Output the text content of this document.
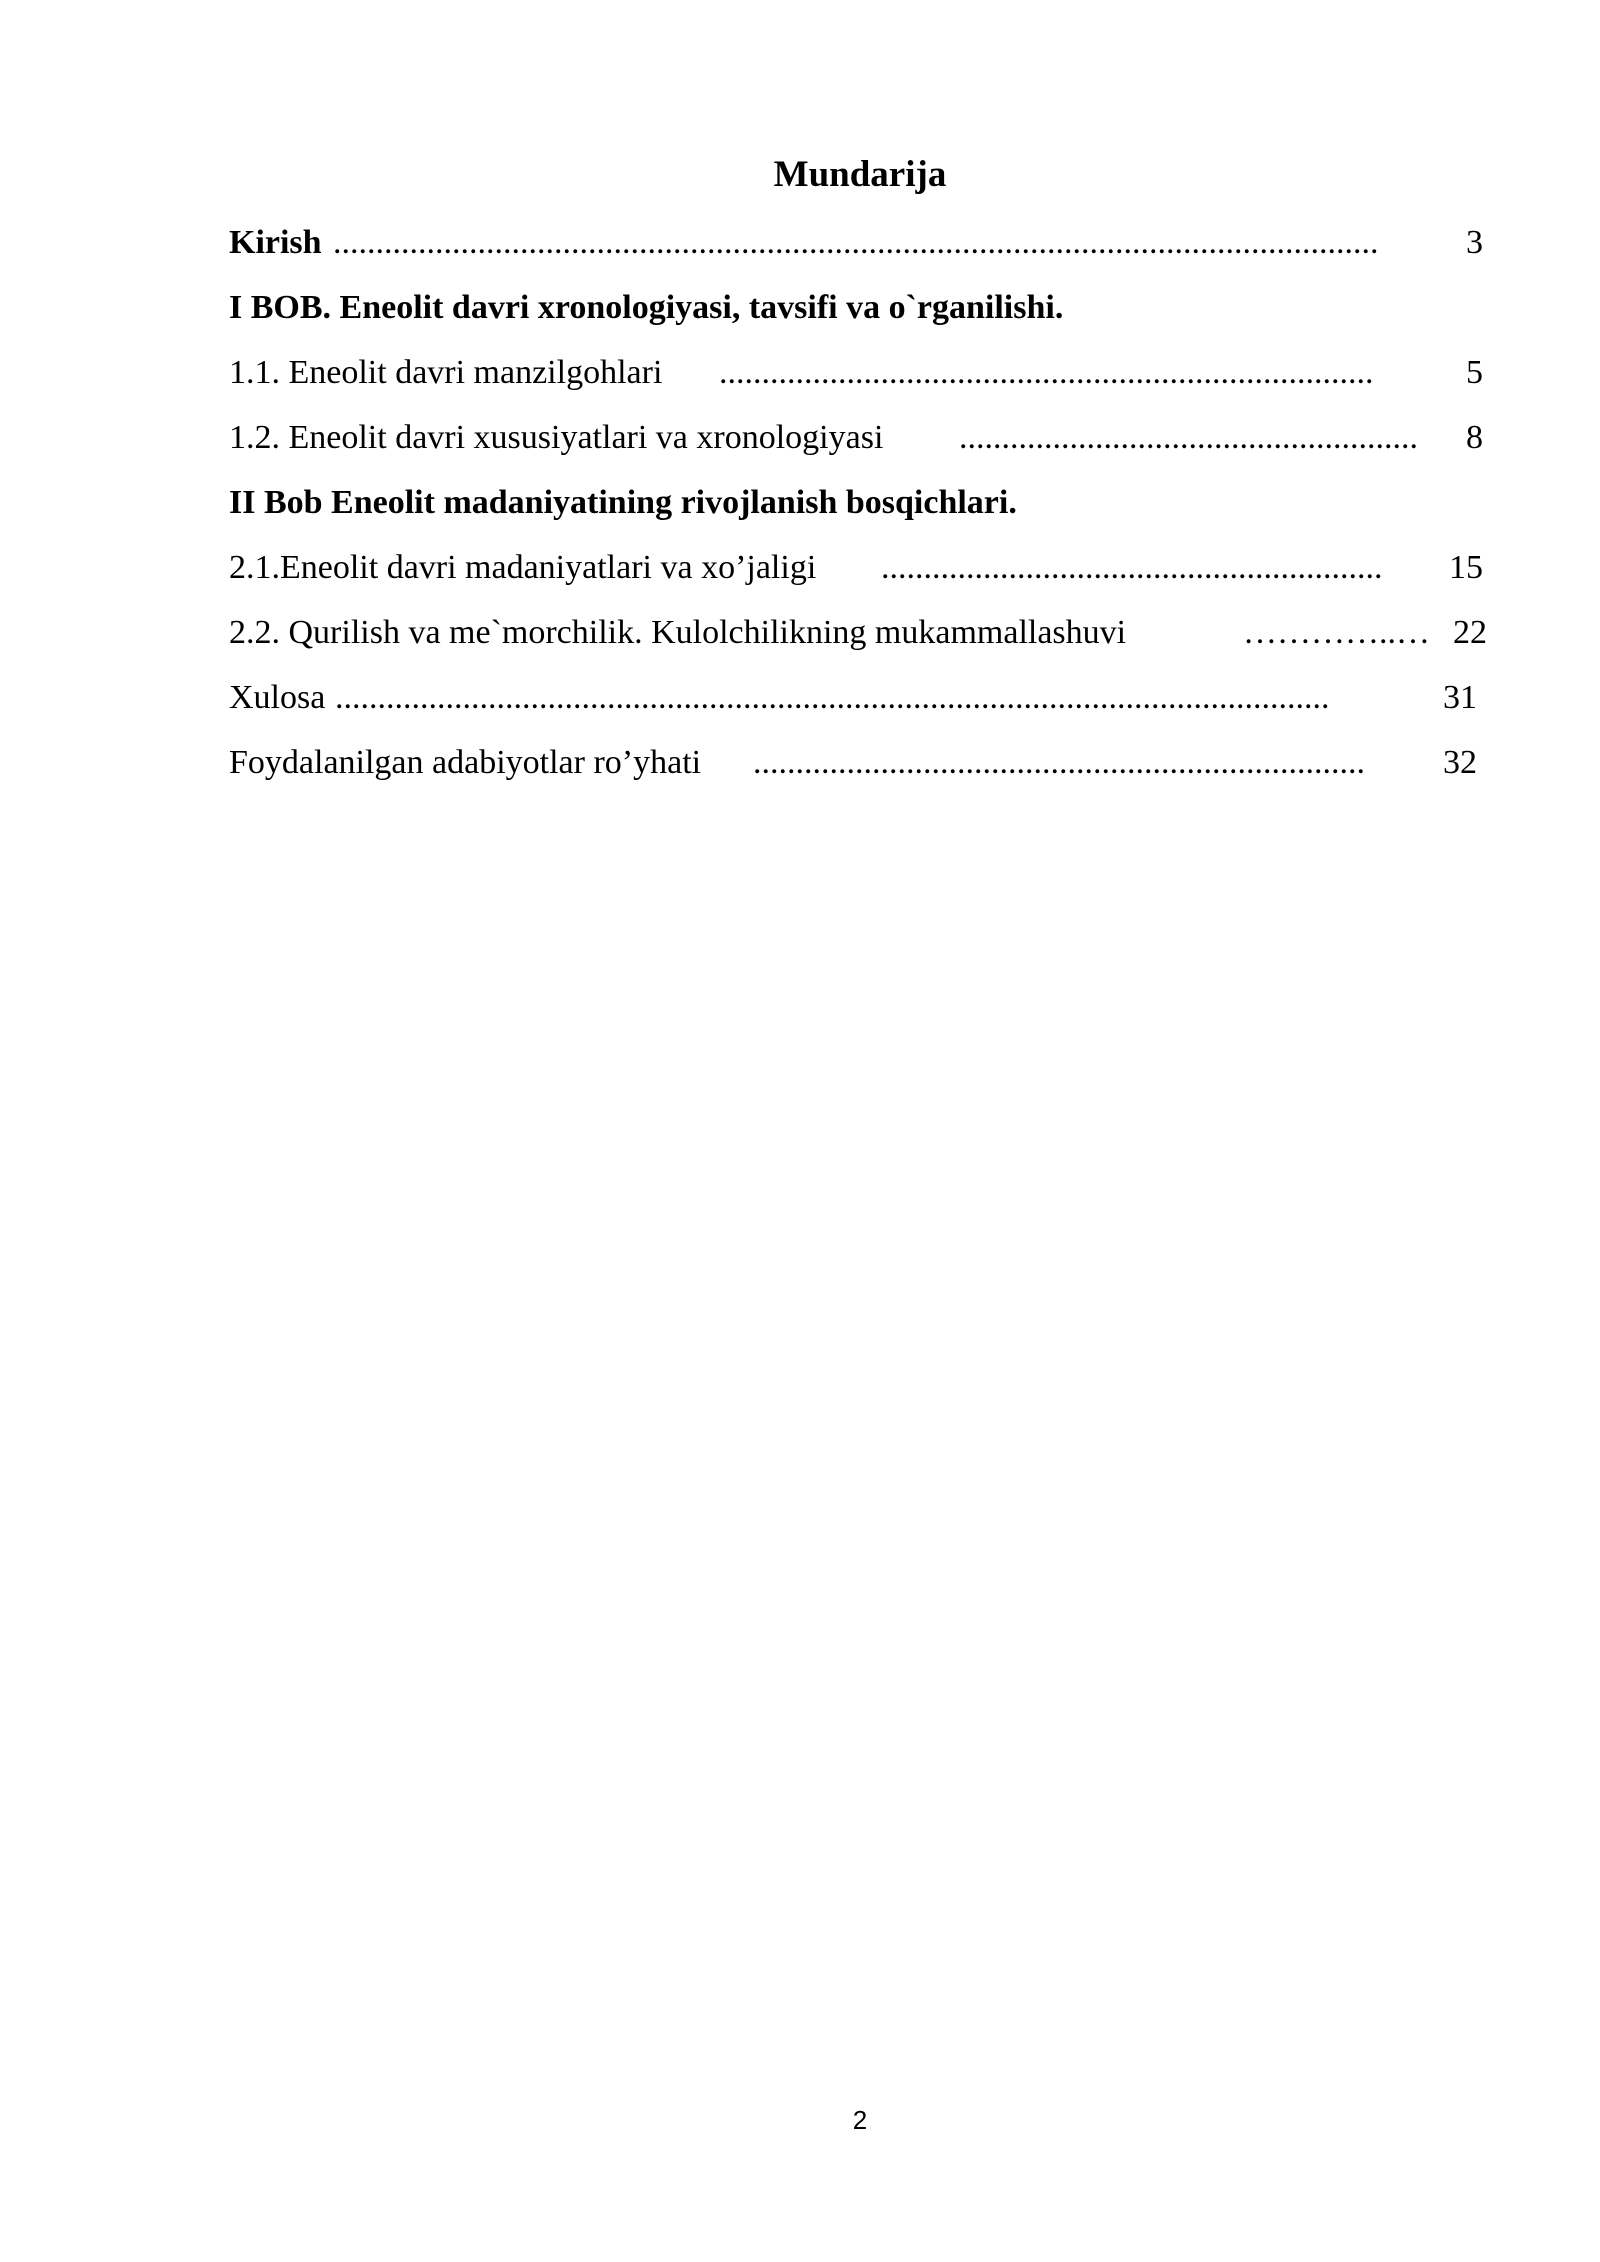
Mundarija
Kirish ...........................................................................................................................	3
I BOB. Eneolit davri xronologiyasi, tavsifi va o`rganilishi.
1.1. Eneolit davri manzilgohlari .............................................................................	5
1.2. Eneolit davri xususiyatlari va xronologiyasi ......................................................	8
II Bob Eneolit madaniyatining rivojlanish bosqichlari.
2.1.Eneolit davri madaniyatlari va xo’jaligi ...........................................................	15
2.2. Qurilish va me`morchilik. Kulolchilikning mukammallashuvi	…………..… 22
Xulosa .....................................................................................................................	31
Foydalanilgan adabiyotlar ro’yhati ........................................................................	32
2
